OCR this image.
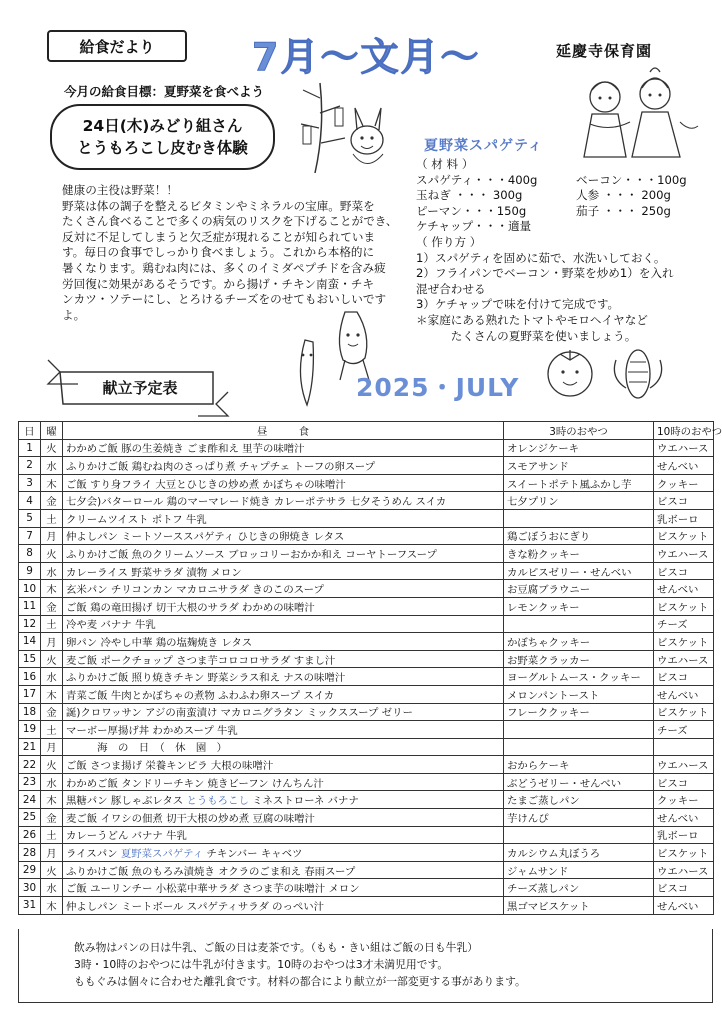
給食だより	7月～文月～	延慶寺保育園
今月の給食目標：夏野菜を食べよう
24日(木)みどり組さん
とうもろこし皮むき体験

健康の主役は野菜！！

野菜は体の調子を整えるビタミンやミネラルの宝庫。野菜を

たくさん食べることで多くの病気のリスクを下げることができ、

反対に不足してしまうと欠乏症が現れることが知られていま

す。毎日の食事でしっかり食べましょう。これから本格的に

暑くなります。鶏むね肉には、多くのイミダペプチドを含み疲

労回復に効果があるそうです。から揚げ・チキン南蛮・チキ

ンカツ・ソテーにし、とろけるチーズをのせてもおいしいです

よ。

夏野菜スパゲティ
（ 材 料 ）
スパゲティ・・・400g	ベーコン・・・100g
玉ねぎ ・・・ 300g	人参 ・・・ 200g
ピーマン・・・150g	茄子 ・・・ 250g
ケチャップ・・・適量
（ 作り方 ）
1）スパゲティを固めに茹で、水洗いしておく。
2）フライパンでベーコン・野菜を炒め1）を入れ
混ぜ合わせる
3）ケチャップで味を付けて完成です。
＊家庭にある熟れたトマトやモロヘイヤなど
　　　たくさんの夏野菜を使いましょう。
献立予定表	2025・JULY
日	曜	昼　　　食	3時のおやつ	10時のおやつ
1	火	わかめご飯 豚の生姜焼き ごま酢和え 里芋の味噌汁	オレンジケーキ	ウエハース
2	水	ふりかけご飯 鶏むね肉のさっぱり煮 チャプチェ トーフの卵スープ	スモアサンド	せんべい
3	木	ご飯 すり身フライ 大豆とひじきの炒め煮 かぼちゃの味噌汁	スイートポテト風ふかし芋	クッキー
4	金	七夕会)バターロール 鶏のマーマレード焼き カレーポテサラ 七夕そうめん スイカ	七夕プリン	ビスコ
5	土	クリームツイスト ポトフ 牛乳		乳ボーロ
7	月	仲よしパン ミートソーススパゲティ ひじきの卵焼き レタス	鶏ごぼうおにぎり	ビスケット
8	火	ふりかけご飯 魚のクリームソース ブロッコリーおかか和え コーヤトーフスープ	きな粉クッキー	ウエハース
9	水	カレーライス 野菜サラダ 漬物 メロン	カルピスゼリー・せんべい	ビスコ
10	木	玄米パン チリコンカン マカロニサラダ きのこのスープ	お豆腐ブラウニー	せんべい
11	金	ご飯 鶏の竜田揚げ 切干大根のサラダ わかめの味噌汁	レモンクッキー	ビスケット
12	土	冷や麦 バナナ 牛乳		チーズ
14	月	卵パン 冷やし中華 鶏の塩麹焼き レタス	かぼちゃクッキー	ビスケット
15	火	麦ご飯 ポークチョップ さつま芋コロコロサラダ すまし汁	お野菜クラッカー	ウエハース
16	水	ふりかけご飯 照り焼きチキン 野菜シラス和え ナスの味噌汁	ヨーグルトムース・クッキー	ビスコ
17	木	青菜ご飯 牛肉とかぼちゃの煮物 ふわふわ卵スープ スイカ	メロンパントースト	せんべい
18	金	誕)クロワッサン アジの南蛮漬け マカロニグラタン ミックススープ ゼリー	フレーククッキー	ビスケット
19	土	マーボー厚揚げ丼 わかめスープ 牛乳		チーズ
21	月	　　　海　の　日　（　休　園　）		
22	火	ご飯 さつま揚げ 栄養キンピラ 大根の味噌汁	おからケーキ	ウエハース
23	水	わかめご飯 タンドリーチキン 焼きビーフン けんちん汁	ぶどうゼリー・せんべい	ビスコ
24	木	黒糖パン 豚しゃぶレタス とうもろこし ミネストローネ バナナ	たまご蒸しパン	クッキー
25	金	麦ご飯 イワシの佃煮 切干大根の炒め煮 豆腐の味噌汁	芋けんぴ	せんべい
26	土	カレーうどん バナナ 牛乳		乳ボーロ
28	月	ライスパン 夏野菜スパゲティ チキンバー キャベツ	カルシウム丸ぼうろ	ビスケット
29	火	ふりかけご飯 魚のもろみ漬焼き オクラのごま和え 春雨スープ	ジャムサンド	ウエハース
30	水	ご飯 ユーリンチー 小松菜中華サラダ さつま芋の味噌汁 メロン	チーズ蒸しパン	ビスコ
31	木	仲よしパン ミートボール スパゲティサラダ のっぺい汁	黒ゴマビスケット	せんべい
飲み物はパンの日は牛乳、ご飯の日は麦茶です。（もも・きい組はご飯の日も牛乳）
3時・10時のおやつには牛乳が付きます。10時のおやつは3才未満児用です。
ももぐみは個々に合わせた離乳食です。材料の都合により献立が一部変更する事があります。
